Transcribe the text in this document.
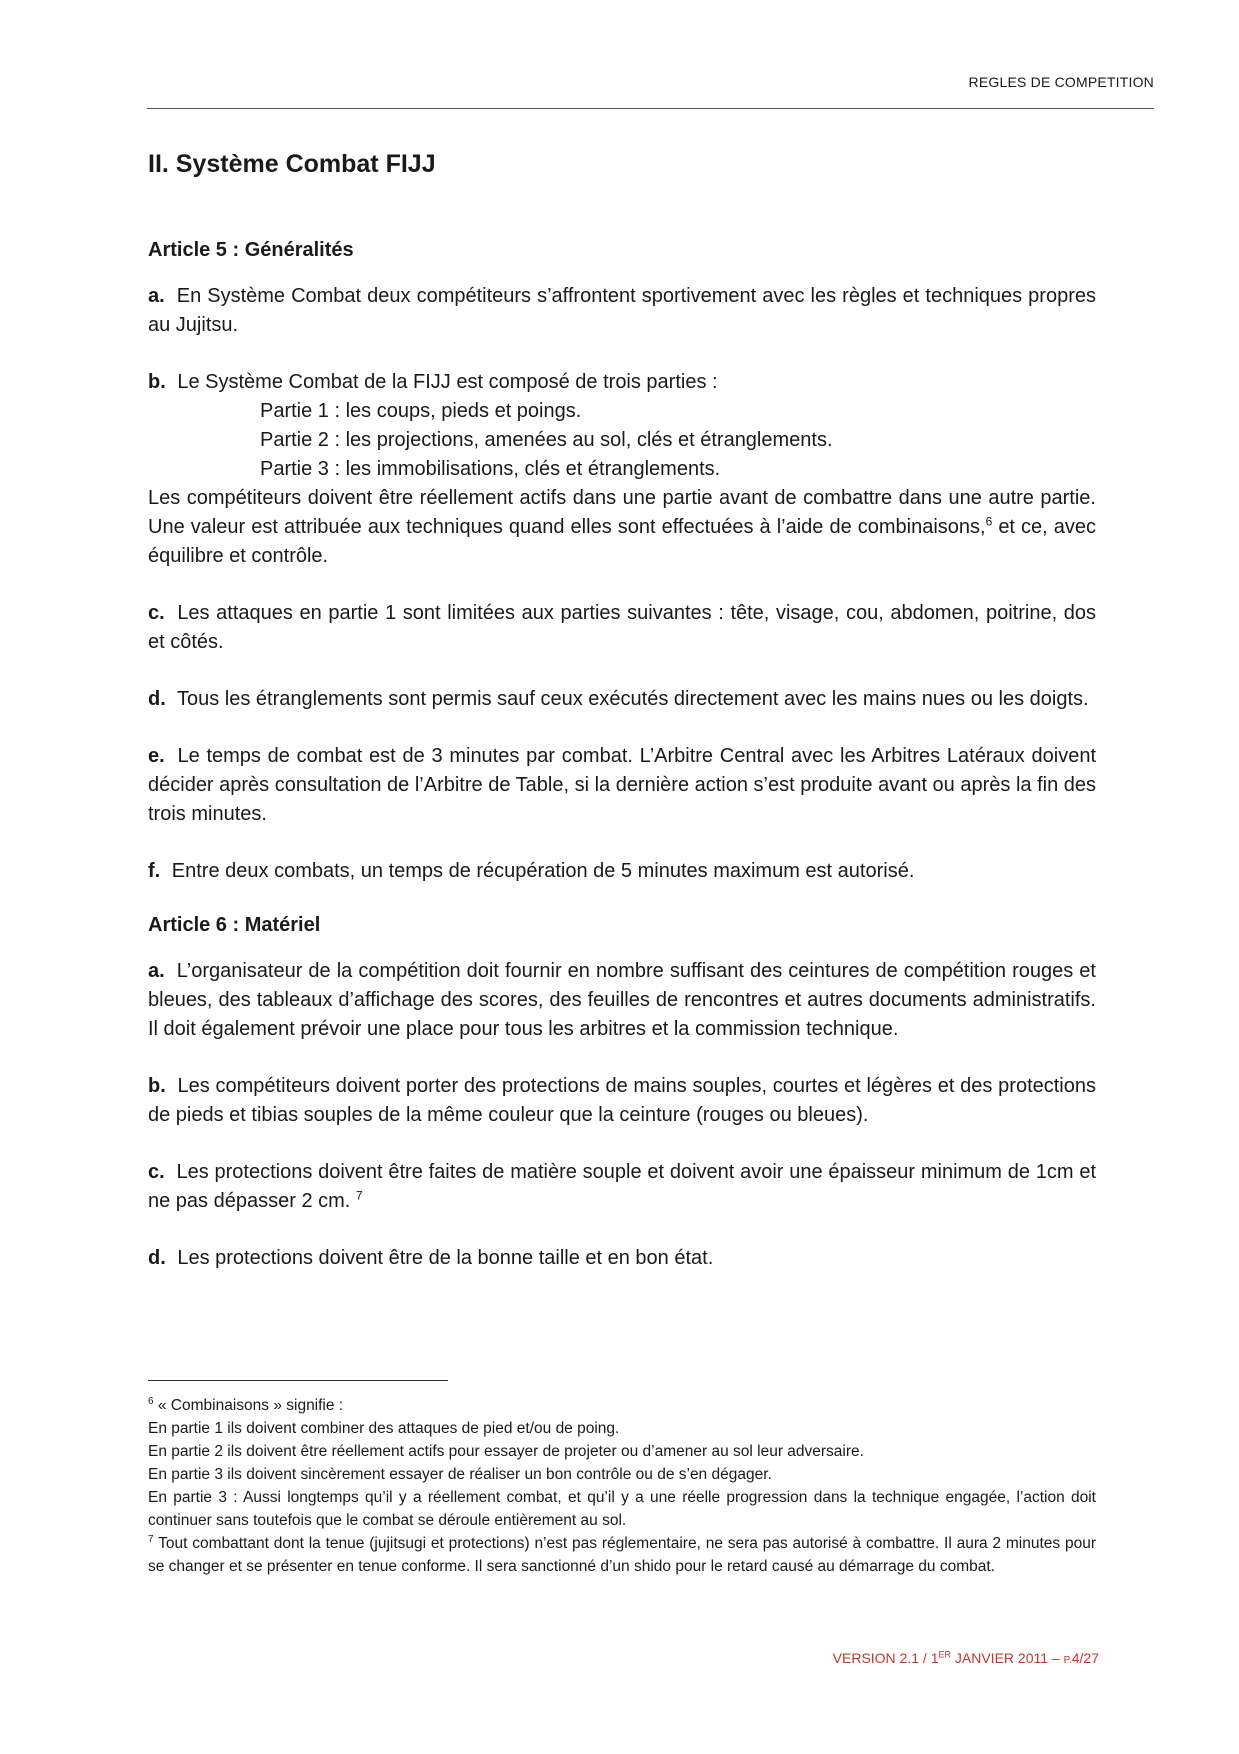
REGLES DE COMPETITION
II. Système Combat FIJJ
Article 5 : Généralités

a. En Système Combat deux compétiteurs s’affrontent sportivement avec les règles et techniques propres au Jujitsu.

b. Le Système Combat de la FIJJ est composé de trois parties :
Partie 1 : les coups, pieds et poings.
Partie 2 : les projections, amenées au sol, clés et étranglements.
Partie 3 : les immobilisations, clés et étranglements.
Les compétiteurs doivent être réellement actifs dans une partie avant de combattre dans une autre partie. Une valeur est attribuée aux techniques quand elles sont effectuées à l’aide de combinaisons,$^6$ et ce, avec équilibre et contrôle.

c. Les attaques en partie 1 sont limitées aux parties suivantes : tête, visage, cou, abdomen, poitrine, dos et côtés.

d. Tous les étranglements sont permis sauf ceux exécutés directement avec les mains nues ou les doigts.

e. Le temps de combat est de 3 minutes par combat. L’Arbitre Central avec les Arbitres Latéraux doivent décider après consultation de l’Arbitre de Table, si la dernière action s’est produite avant ou après la fin des trois minutes.

f. Entre deux combats, un temps de récupération de 5 minutes maximum est autorisé.

Article 6 : Matériel

a. L’organisateur de la compétition doit fournir en nombre suffisant des ceintures de compétition rouges et bleues, des tableaux d’affichage des scores, des feuilles de rencontres et autres documents administratifs. Il doit également prévoir une place pour tous les arbitres et la commission technique.

b. Les compétiteurs doivent porter des protections de mains souples, courtes et légères et des protections de pieds et tibias souples de la même couleur que la ceinture (rouges ou bleues).

c. Les protections doivent être faites de matière souple et doivent avoir une épaisseur minimum de 1cm et ne pas dépasser 2 cm. $^7$

d. Les protections doivent être de la bonne taille et en bon état.

$^6$ « Combinaisons » signifie :

En partie 1 ils doivent combiner des attaques de pied et/ou de poing.

En partie 2 ils doivent être réellement actifs pour essayer de projeter ou d’amener au sol leur adversaire.

En partie 3 ils doivent sincèrement essayer de réaliser un bon contrôle ou de s’en dégager.

En partie 3 : Aussi longtemps qu’il y a réellement combat, et qu’il y a une réelle progression dans la technique engagée, l’action doit continuer sans toutefois que le combat se déroule entièrement au sol.

$^7$ Tout combattant dont la tenue (jujitsugi et protections) n’est pas réglementaire, ne sera pas autorisé à combattre. Il aura 2 minutes pour se changer et se présenter en tenue conforme. Il sera sanctionné d’un shido pour le retard causé au démarrage du combat.

VERSION 2.1 / 1ER JANVIER 2011 – P.4/27
